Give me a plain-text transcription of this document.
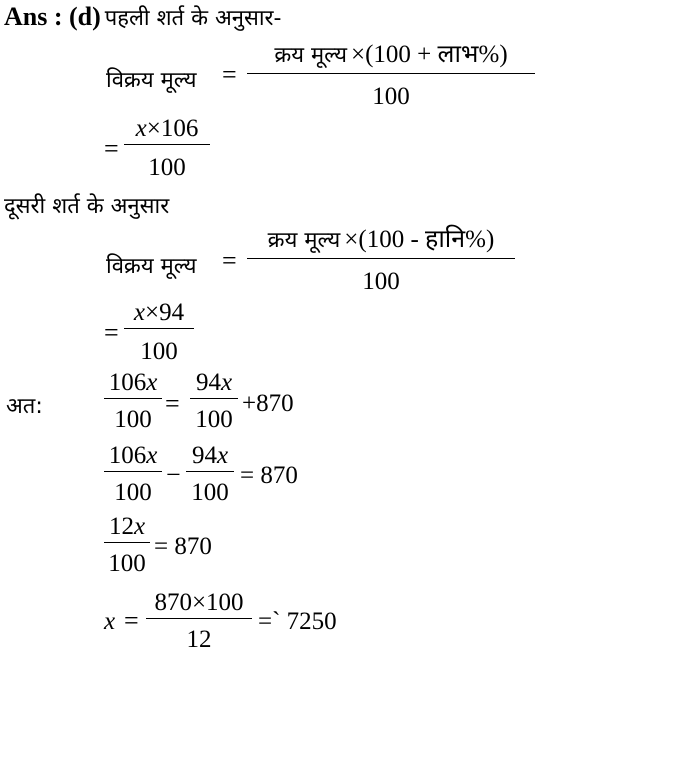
Ans : (d) पहली शर्त के अनुसार-
विक्रय मूल्य =
क्रय मूल्य ×(100 + लाभ%)
100
=
x×106
100
दूसरी शर्त के अनुसार
विक्रय मूल्य =
क्रय मूल्य ×(100 - हानि%)
100
=
x×94
100
अत:
106x
100
=
94x
100
+870
106x
100
−
94x
100
= 870
12x
100
= 870
x =
870×100
12
=` 7250
